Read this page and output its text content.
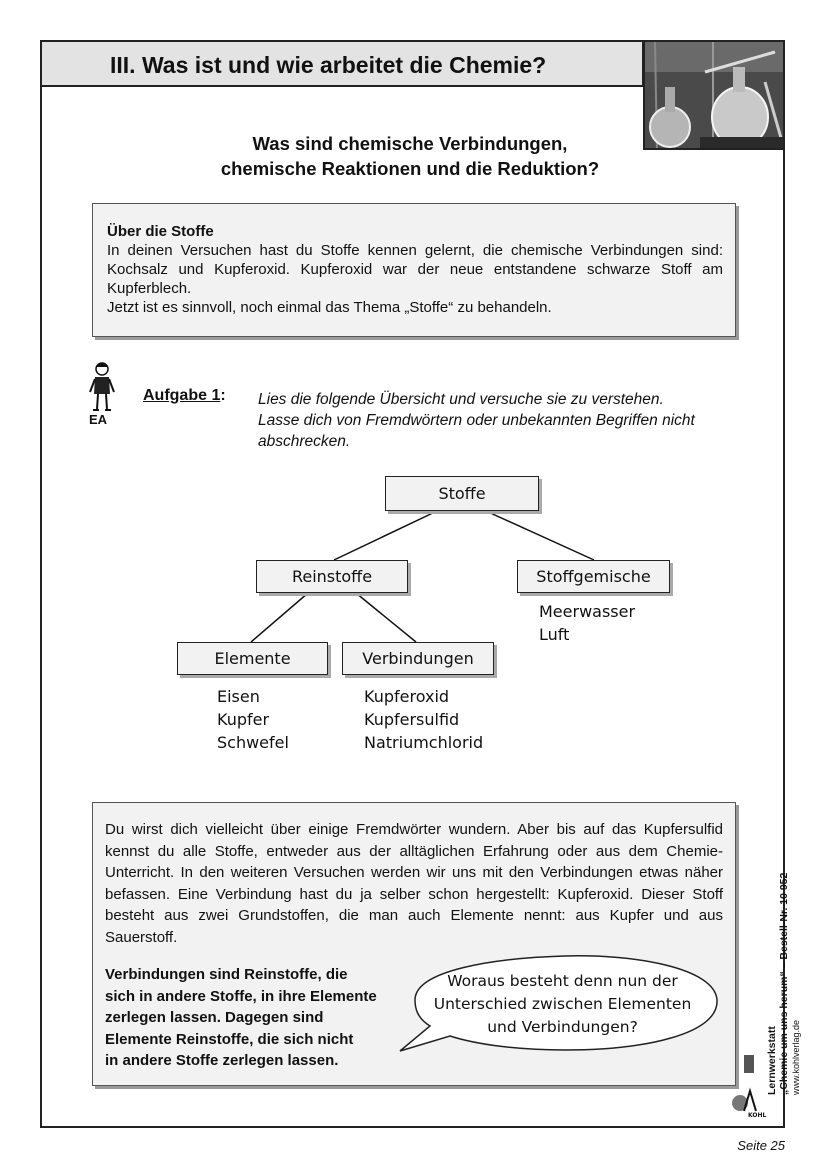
III. Was ist und wie arbeitet die Chemie?
Was sind chemische Verbindungen,
chemische Reaktionen und die Reduktion?

Über die Stoffe

In deinen Versuchen hast du Stoffe kennen gelernt, die chemische Verbindungen sind: Kochsalz und Kupferoxid. Kupferoxid war der neue entstandene schwarze Stoff am Kupferblech.

Jetzt ist es sinnvoll, noch einmal das Thema „Stoffe“ zu behandeln.

EA
Aufgabe 1: Lies die folgende Übersicht und versuche sie zu verstehen.
Lasse dich von Fremdwörtern oder unbekannten Begriffen nicht
abschrecken.
Stoffe
Reinstoffe	Stoffgemische
Elemente	Verbindungen
Meerwasser
Luft
Eisen
Kupfer
Schwefel
Kupferoxid
Kupfersulfid
Natriumchlorid

Du wirst dich vielleicht über einige Fremdwörter wundern. Aber bis auf das Kupfersulfid kennst du alle Stoffe, entweder aus der alltäglichen Erfahrung oder aus dem Chemie-Unterricht. In den weiteren Versuchen werden wir uns mit den Verbindungen etwas näher befassen. Eine Verbindung hast du ja selber schon hergestellt: Kupferoxid. Dieser Stoff besteht aus zwei Grundstoffen, die man auch Elemente nennt: aus Kupfer und aus Sauerstoff.

Verbindungen sind Reinstoffe, die
sich in andere Stoffe, in ihre Elemente
zerlegen lassen. Dagegen sind
Elemente Reinstoffe, die sich nicht
in andere Stoffe zerlegen lassen.
Woraus besteht denn nun der
Unterschied zwischen Elementen
und Verbindungen?	Lernwerkstatt „Chemie um uns herum“ – Bestell-Nr. 10 952
www.kohlverlag.de
KOHL
Seite 25
